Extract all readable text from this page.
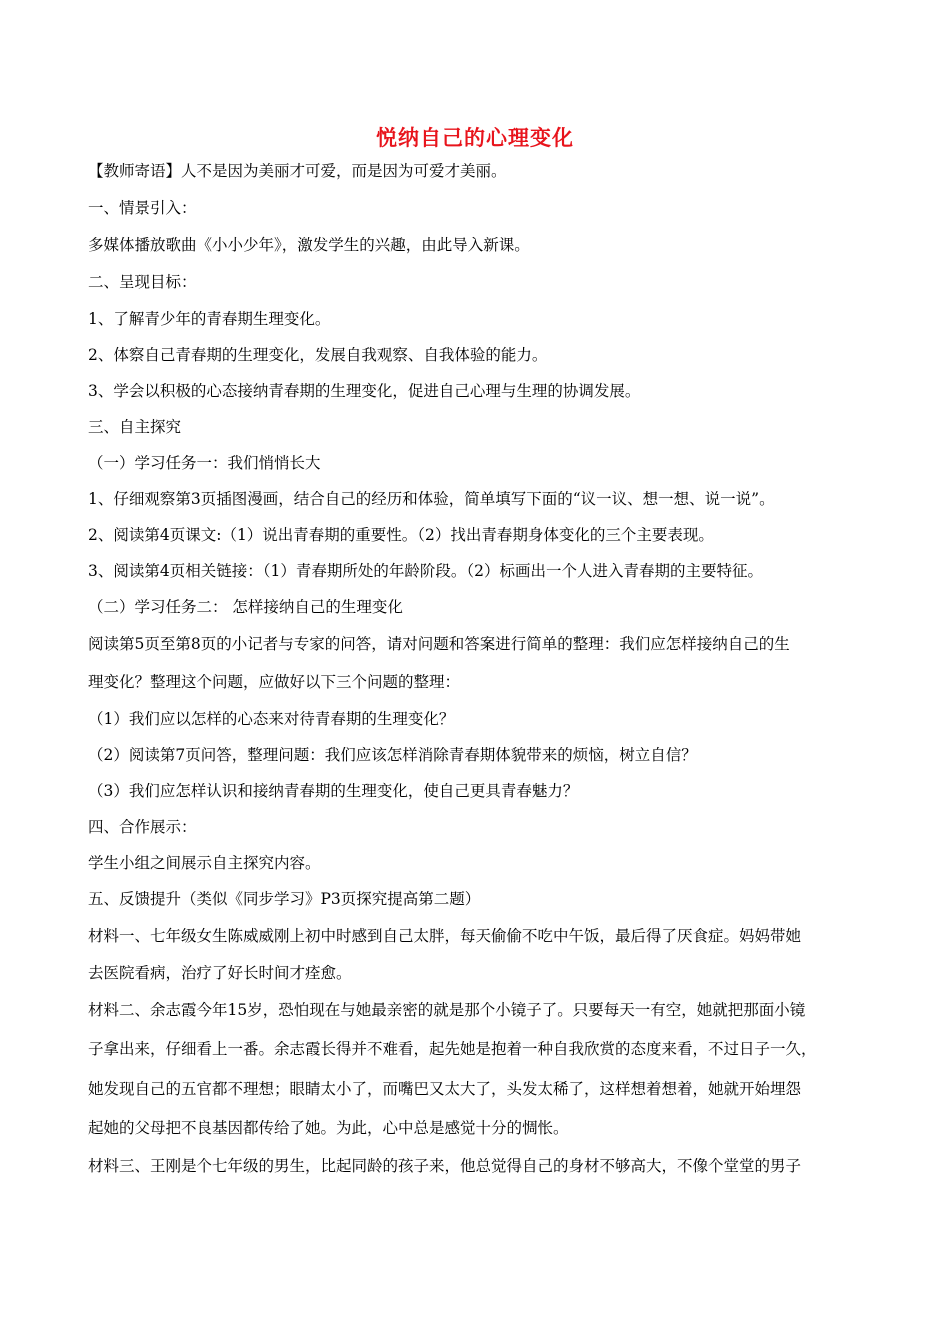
悦纳自己的心理变化
【教师寄语】人不是因为美丽才可爱，而是因为可爱才美丽。
一、情景引入：
多媒体播放歌曲《小小少年》，激发学生的兴趣，由此导入新课。
二、呈现目标：
1、了解青少年的青春期生理变化。
2、体察自己青春期的生理变化，发展自我观察、自我体验的能力。
3、学会以积极的心态接纳青春期的生理变化，促进自己心理与生理的协调发展。
三、自主探究
（一）学习任务一：我们悄悄长大
1、仔细观察第3页插图漫画，结合自己的经历和体验，简单填写下面的“议一议、想一想、说一说”。
2、阅读第4页课文:（1）说出青春期的重要性。（2）找出青春期身体变化的三个主要表现。
3、阅读第4页相关链接：（1）青春期所处的年龄阶段。（2）标画出一个人进入青春期的主要特征。
（二）学习任务二： 怎样接纳自己的生理变化
阅读第5页至第8页的小记者与专家的问答，请对问题和答案进行简单的整理：我们应怎样接纳自己的生
理变化？整理这个问题，应做好以下三个问题的整理：
（1）我们应以怎样的心态来对待青春期的生理变化？
（2）阅读第7页问答，整理问题：我们应该怎样消除青春期体貌带来的烦恼，树立自信？
（3）我们应怎样认识和接纳青春期的生理变化，使自己更具青春魅力？
四、合作展示：
学生小组之间展示自主探究内容。
五、反馈提升（类似《同步学习》P3页探究提高第二题）
材料一、七年级女生陈威威刚上初中时感到自己太胖，每天偷偷不吃中午饭，最后得了厌食症。妈妈带她
去医院看病，治疗了好长时间才痊愈。
材料二、余志霞今年15岁，恐怕现在与她最亲密的就是那个小镜子了。只要每天一有空，她就把那面小镜
子拿出来，仔细看上一番。余志霞长得并不难看，起先她是抱着一种自我欣赏的态度来看，不过日子一久，
她发现自己的五官都不理想；眼睛太小了，而嘴巴又太大了，头发太稀了，这样想着想着，她就开始埋怨
起她的父母把不良基因都传给了她。为此，心中总是感觉十分的惆怅。
材料三、王刚是个七年级的男生，比起同龄的孩子来，他总觉得自己的身材不够高大，不像个堂堂的男子
